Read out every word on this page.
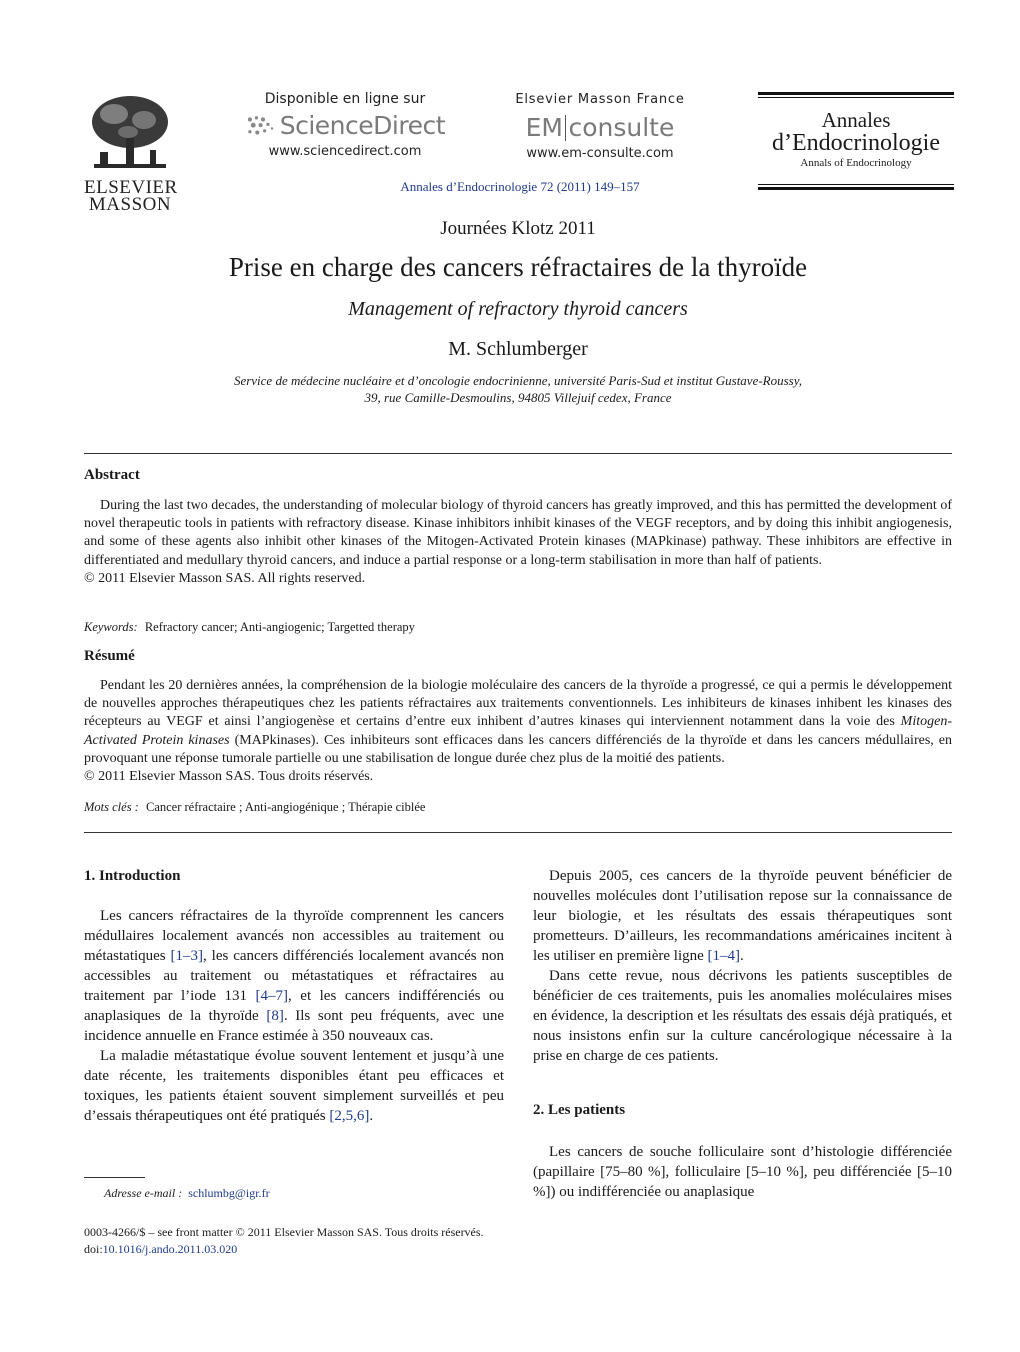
ELSEVIER
MASSON
Disponible en ligne sur
ScienceDirect
www.sciencedirect.com
Elsevier Masson France
EM consulte
www.em-consulte.com
Annales d’Endocrinologie 72 (2011) 149–157
Annales
d’Endocrinologie
Annals of Endocrinology
Journées Klotz 2011
Prise en charge des cancers réfractaires de la thyroïde
Management of refractory thyroid cancers
M. Schlumberger
Service de médecine nucléaire et d’oncologie endocrinienne, université Paris-Sud et institut Gustave-Roussy,
39, rue Camille-Desmoulins, 94805 Villejuif cedex, France
Abstract

During the last two decades, the understanding of molecular biology of thyroid cancers has greatly improved, and this has permitted the development of novel therapeutic tools in patients with refractory disease. Kinase inhibitors inhibit kinases of the VEGF receptors, and by doing this inhibit angiogenesis, and some of these agents also inhibit other kinases of the Mitogen-Activated Protein kinases (MAPkinase) pathway. These inhibitors are effective in differentiated and medullary thyroid cancers, and induce a partial response or a long-term stabilisation in more than half of patients.

© 2011 Elsevier Masson SAS. All rights reserved.

Keywords: Refractory cancer; Anti-angiogenic; Targetted therapy
Résumé

Pendant les 20 dernières années, la compréhension de la biologie moléculaire des cancers de la thyroïde a progressé, ce qui a permis le développement de nouvelles approches thérapeutiques chez les patients réfractaires aux traitements conventionnels. Les inhibiteurs de kinases inhibent les kinases des récepteurs au VEGF et ainsi l’angiogenèse et certains d’entre eux inhibent d’autres kinases qui interviennent notamment dans la voie des Mitogen-Activated Protein kinases (MAPkinases). Ces inhibiteurs sont efficaces dans les cancers différenciés de la thyroïde et dans les cancers médullaires, en provoquant une réponse tumorale partielle ou une stabilisation de longue durée chez plus de la moitié des patients.

© 2011 Elsevier Masson SAS. Tous droits réservés.

Mots clés : Cancer réfractaire ; Anti-angiogénique ; Thérapie ciblée
1. Introduction

Les cancers réfractaires de la thyroïde comprennent les cancers médullaires localement avancés non accessibles au traitement ou métastatiques [1–3], les cancers différenciés localement avancés non accessibles au traitement ou métastatiques et réfractaires au traitement par l’iode 131 [4–7], et les cancers indifférenciés ou anaplasiques de la thyroïde [8]. Ils sont peu fréquents, avec une incidence annuelle en France estimée à 350 nouveaux cas.

La maladie métastatique évolue souvent lentement et jusqu’à une date récente, les traitements disponibles étant peu efficaces et toxiques, les patients étaient souvent simplement surveillés et peu d’essais thérapeutiques ont été pratiqués [2,5,6].

Depuis 2005, ces cancers de la thyroïde peuvent bénéficier de nouvelles molécules dont l’utilisation repose sur la connaissance de leur biologie, et les résultats des essais thérapeutiques sont prometteurs. D’ailleurs, les recommandations américaines incitent à les utiliser en première ligne [1–4].

Dans cette revue, nous décrivons les patients susceptibles de bénéficier de ces traitements, puis les anomalies moléculaires mises en évidence, la description et les résultats des essais déjà pratiqués, et nous insistons enfin sur la culture cancérologique nécessaire à la prise en charge de ces patients.

2. Les patients

Les cancers de souche folliculaire sont d’histologie différenciée (papillaire [75–80 %], folliculaire [5–10 %], peu différenciée [5–10 %]) ou indifférenciée ou anaplasique

Adresse e-mail : schlumbg@igr.fr
0003-4266/$ – see front matter © 2011 Elsevier Masson SAS. Tous droits réservés.
doi:10.1016/j.ando.2011.03.020
